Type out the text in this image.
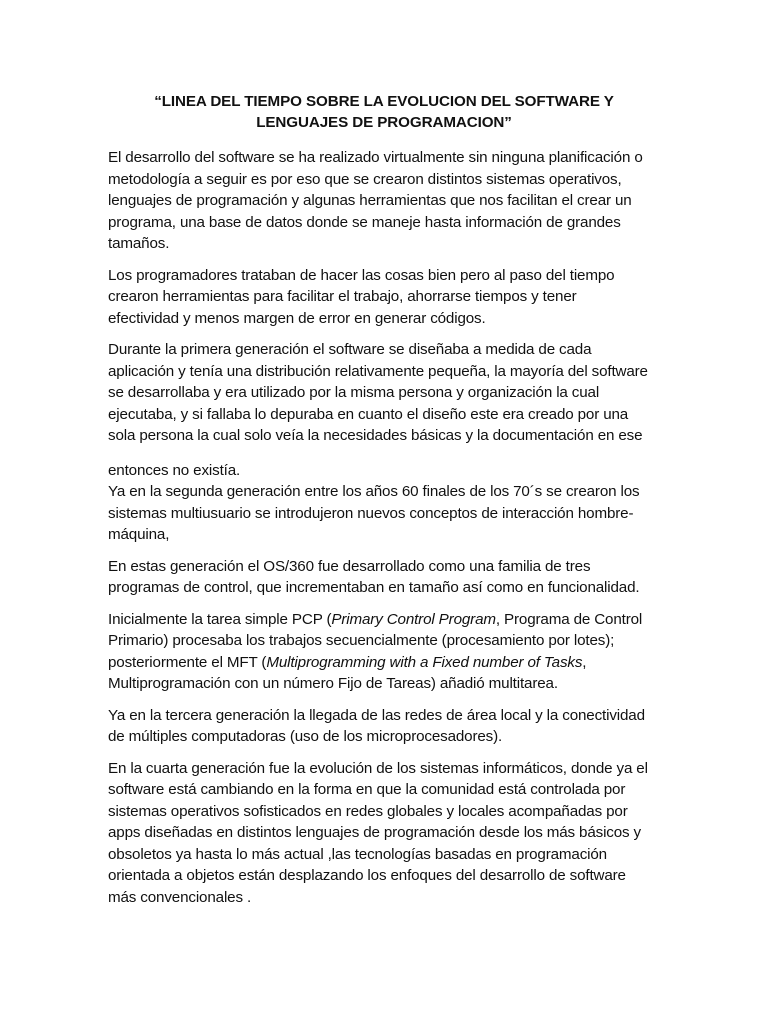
“LINEA DEL TIEMPO SOBRE LA EVOLUCION DEL SOFTWARE Y
LENGUAJES DE PROGRAMACION”

El desarrollo del software se ha realizado virtualmente sin ninguna planificación o
metodología a seguir es por eso que se crearon distintos sistemas operativos,
lenguajes de programación y algunas herramientas que nos facilitan el crear un
programa, una base de datos donde se maneje hasta información de grandes
tamaños.

Los programadores trataban de hacer las cosas bien pero al paso del tiempo
crearon herramientas para facilitar el trabajo, ahorrarse tiempos y tener
efectividad y menos margen de error en generar códigos.

Durante la primera generación el software se diseñaba a medida de cada
aplicación y tenía una distribución relativamente pequeña, la mayoría del software
se desarrollaba y era utilizado por la misma persona y organización la cual
ejecutaba, y si fallaba lo depuraba en cuanto el diseño este era creado por una
sola persona la cual solo veía la necesidades básicas y la documentación en ese

entonces no existía.
Ya en la segunda generación entre los años 60 finales de los 70´s se crearon los
sistemas multiusuario se introdujeron nuevos conceptos de interacción hombre-
máquina,

En estas generación el OS/360 fue desarrollado como una familia de tres
programas de control, que incrementaban en tamaño así como en funcionalidad.

Inicialmente la tarea simple PCP (Primary Control Program, Programa de Control
Primario) procesaba los trabajos secuencialmente (procesamiento por lotes);
posteriormente el MFT (Multiprogramming with a Fixed number of Tasks,
Multiprogramación con un número Fijo de Tareas) añadió multitarea.

Ya en la tercera generación la llegada de las redes de área local y la conectividad
de múltiples computadoras (uso de los microprocesadores).

En la cuarta generación fue la evolución de los sistemas informáticos, donde ya el
software está cambiando en la forma en que la comunidad está controlada por
sistemas operativos sofisticados en redes globales y locales acompañadas por
apps diseñadas en distintos lenguajes de programación desde los más básicos y
obsoletos ya hasta lo más actual ,las tecnologías basadas en programación
orientada a objetos están desplazando los enfoques del desarrollo de software
más convencionales .
